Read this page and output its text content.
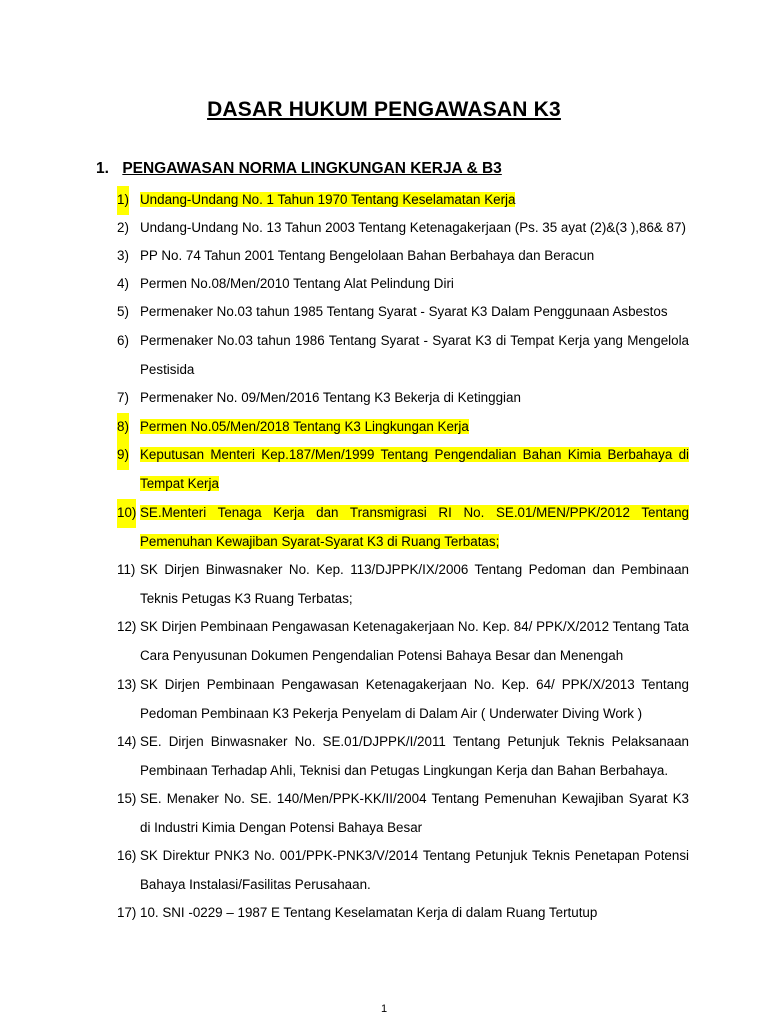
DASAR HUKUM PENGAWASAN K3
1. PENGAWASAN NORMA LINGKUNGAN KERJA & B3
1) Undang-Undang No. 1 Tahun 1970 Tentang Keselamatan Kerja
2) Undang-Undang No. 13 Tahun 2003 Tentang Ketenagakerjaan (Ps. 35 ayat (2)&(3 ),86& 87)
3) PP No. 74 Tahun 2001 Tentang Bengelolaan Bahan Berbahaya dan Beracun
4) Permen No.08/Men/2010 Tentang Alat Pelindung Diri
5) Permenaker No.03 tahun 1985 Tentang Syarat - Syarat K3 Dalam Penggunaan Asbestos
6) Permenaker No.03 tahun 1986 Tentang Syarat - Syarat K3 di Tempat Kerja yang Mengelola
Pestisida
7) Permenaker No. 09/Men/2016 Tentang K3 Bekerja di Ketinggian
8) Permen No.05/Men/2018 Tentang K3 Lingkungan Kerja
9) Keputusan Menteri Kep.187/Men/1999 Tentang Pengendalian Bahan Kimia Berbahaya di
Tempat Kerja
10) SE.Menteri Tenaga Kerja dan Transmigrasi RI No. SE.01/MEN/PPK/2012 Tentang
Pemenuhan Kewajiban Syarat-Syarat K3 di Ruang Terbatas;
11) SK Dirjen Binwasnaker No. Kep. 113/DJPPK/IX/2006 Tentang Pedoman dan Pembinaan
Teknis Petugas K3 Ruang Terbatas;
12) SK Dirjen Pembinaan Pengawasan Ketenagakerjaan No. Kep. 84/ PPK/X/2012 Tentang Tata
Cara Penyusunan Dokumen Pengendalian Potensi Bahaya Besar dan Menengah
13) SK Dirjen Pembinaan Pengawasan Ketenagakerjaan No. Kep. 64/ PPK/X/2013 Tentang
Pedoman Pembinaan K3 Pekerja Penyelam di Dalam Air ( Underwater Diving Work )
14) SE. Dirjen Binwasnaker No. SE.01/DJPPK/I/2011 Tentang Petunjuk Teknis Pelaksanaan
Pembinaan Terhadap Ahli, Teknisi dan Petugas Lingkungan Kerja dan Bahan Berbahaya.
15) SE. Menaker No. SE. 140/Men/PPK-KK/II/2004 Tentang Pemenuhan Kewajiban Syarat K3
di Industri Kimia Dengan Potensi Bahaya Besar
16) SK Direktur PNK3 No. 001/PPK-PNK3/V/2014 Tentang Petunjuk Teknis Penetapan Potensi
Bahaya Instalasi/Fasilitas Perusahaan.
17) 10. SNI -0229 – 1987 E Tentang Keselamatan Kerja di dalam Ruang Tertutup
1
